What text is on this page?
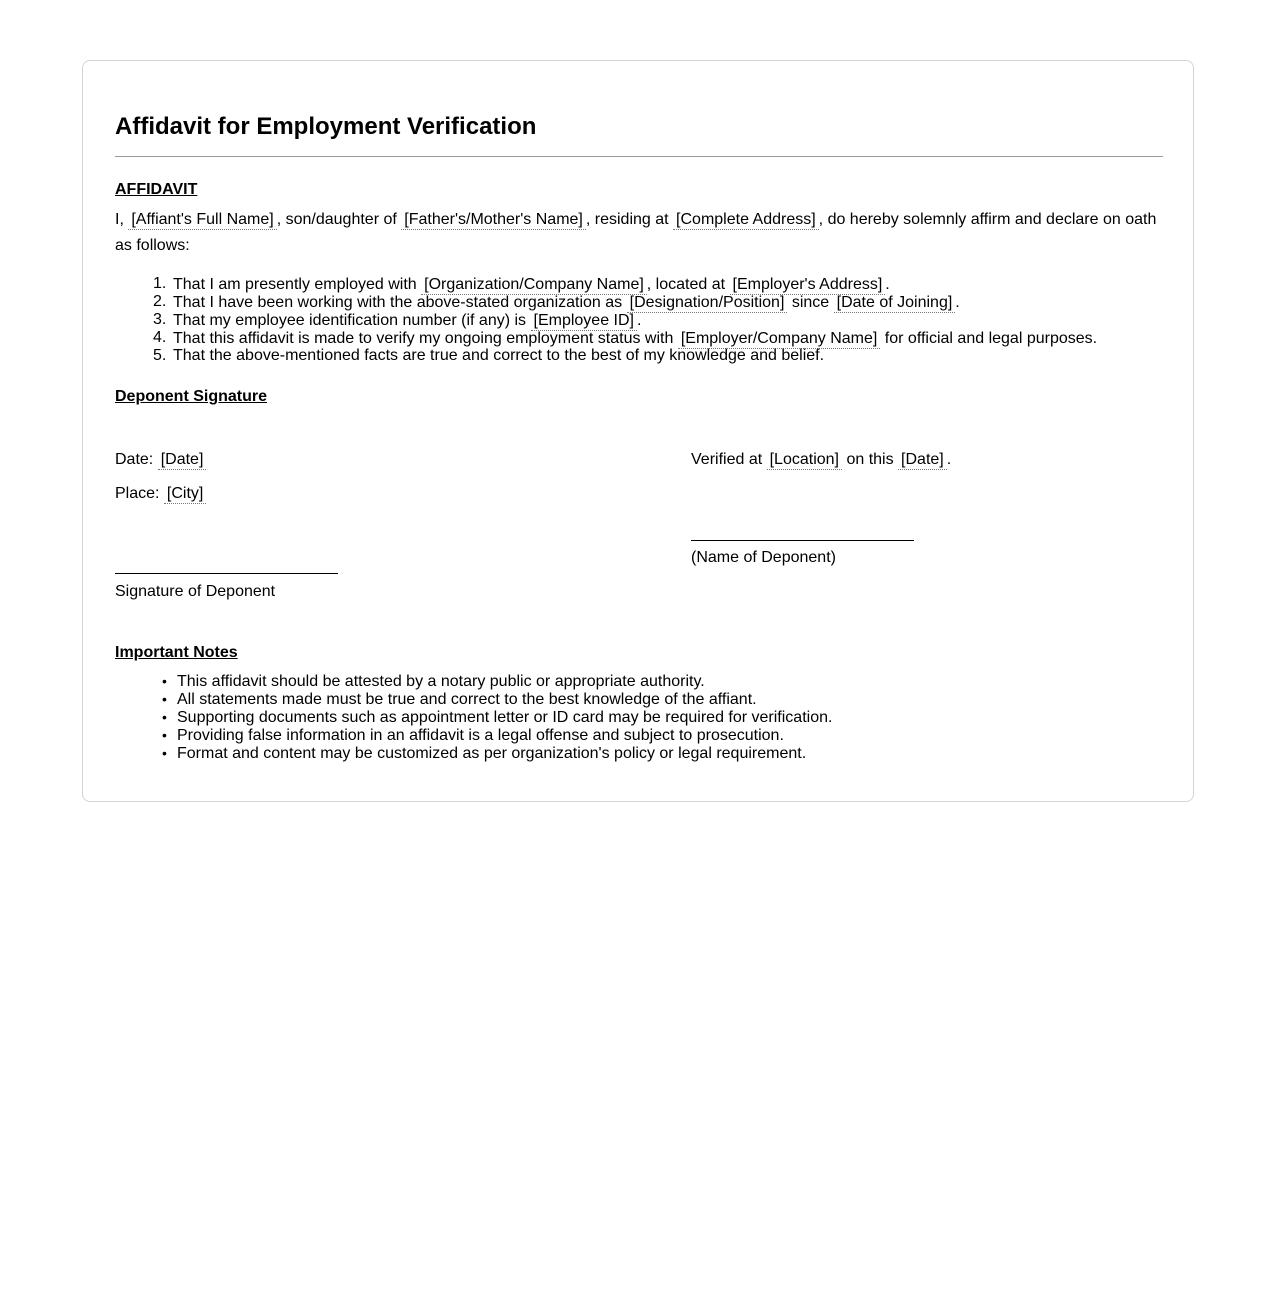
Affidavit for Employment Verification
AFFIDAVIT
I, [Affiant's Full Name] , son/daughter of [Father's/Mother's Name] , residing at [Complete Address] , do hereby solemnly affirm and declare on oath as follows:
1. That I am presently employed with [Organization/Company Name] , located at [Employer's Address] .
2. That I have been working with the above-stated organization as [Designation/Position] since [Date of Joining] .
3. That my employee identification number (if any) is [Employee ID] .
4. That this affidavit is made to verify my ongoing employment status with [Employer/Company Name] for official and legal purposes.
5. That the above-mentioned facts are true and correct to the best of my knowledge and belief.
Deponent Signature
Date: [Date]
Place: [City]
Signature of Deponent
Verified at [Location] on this [Date] .
(Name of Deponent)
Important Notes
• This affidavit should be attested by a notary public or appropriate authority.
• All statements made must be true and correct to the best knowledge of the affiant.
• Supporting documents such as appointment letter or ID card may be required for verification.
• Providing false information in an affidavit is a legal offense and subject to prosecution.
• Format and content may be customized as per organization's policy or legal requirement.
